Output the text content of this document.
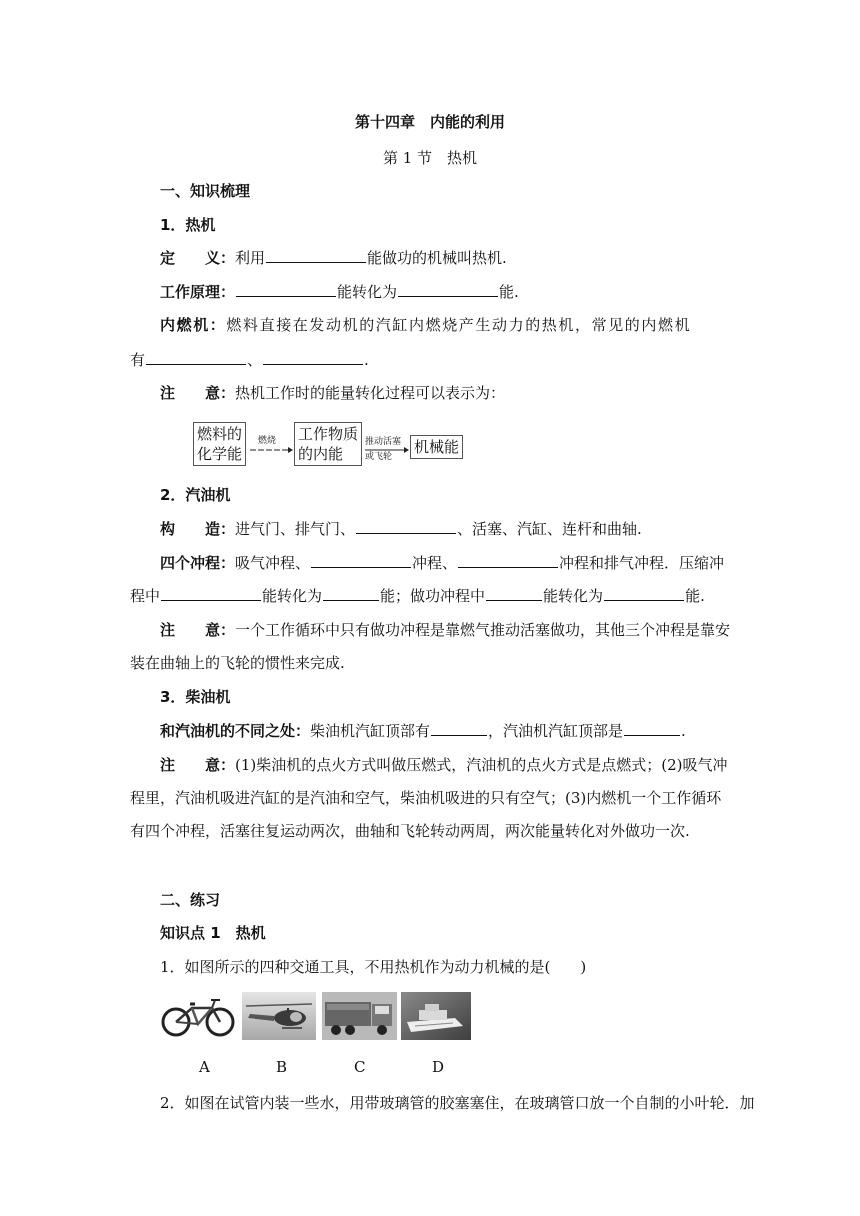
第十四章　内能的利用
第 1 节　热机
一、知识梳理
1．热机
定　　义：利用	能做功的机械叫热机.
工作原理：	能转化为	能.
内燃机：燃料直接在发动机的汽缸内燃烧产生动力的热机，常见的内燃机
有	、	.
注　　意：热机工作时的能量转化过程可以表示为：
燃料的
化学能
燃烧 工作物质
的内能
推动活塞
或飞轮
机械能
2．汽油机
构　　造：进气门、排气门、	、活塞、汽缸、连杆和曲轴.
四个冲程：吸气冲程、	冲程、	冲程和排气冲程．压缩冲
程中	能转化为	能；做功冲程中	能转化为	能.
注　　意：一个工作循环中只有做功冲程是靠燃气推动活塞做功，其他三个冲程是靠安
装在曲轴上的飞轮的惯性来完成.
3．柴油机
和汽油机的不同之处：柴油机汽缸顶部有	，汽油机汽缸顶部是	.
注　　意：(1)柴油机的点火方式叫做压燃式，汽油机的点火方式是点燃式；(2)吸气冲
程里，汽油机吸进汽缸的是汽油和空气，柴油机吸进的只有空气；(3)内燃机一个工作循环
有四个冲程，活塞往复运动两次，曲轴和飞轮转动两周，两次能量转化对外做功一次.
二、练习
知识点 1　热机
1．如图所示的四种交通工具，不用热机作为动力机械的是(　　)
A	B	C	D
2．如图在试管内装一些水，用带玻璃管的胶塞塞住，在玻璃管口放一个自制的小叶轮．加
